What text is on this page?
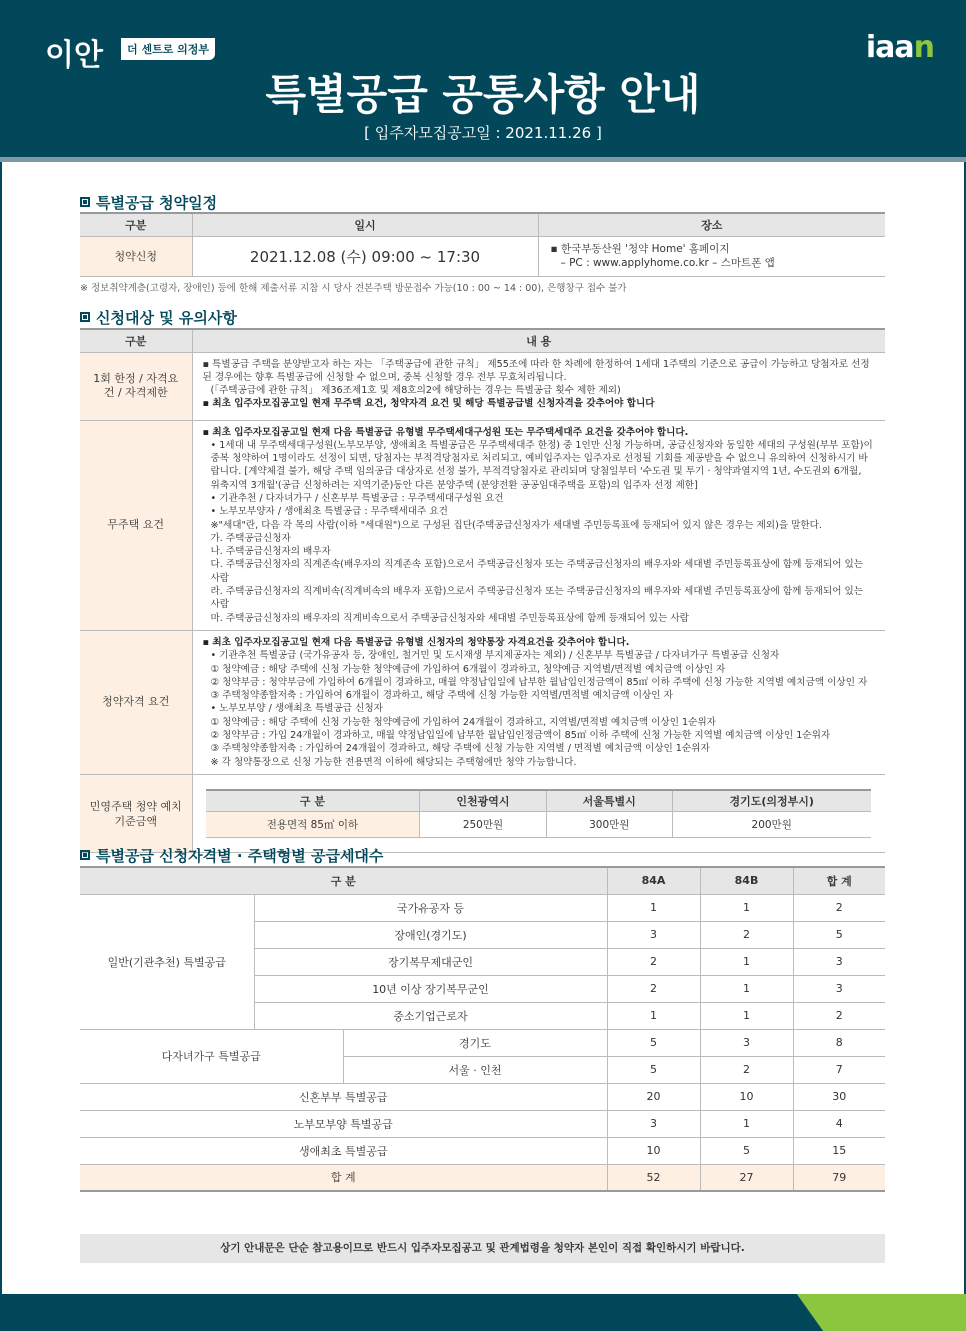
이안	더 센트로 의정부	iaan
특별공급 공통사항 안내
[ 입주자모집공고일 : 2021.11.26 ]
특별공급 청약일정
구분	일시	장소
청약신청	2021.12.08 (수) 09:00 ~ 17:30	▪ 한국부동산원 '청약 Home' 홈페이지
– PC : www.applyhome.co.kr – 스마트폰 앱
※ 정보취약계층(고령자, 장애인) 등에 한해 제출서류 지참 시 당사 견본주택 방문접수 가능(10 : 00 ~ 14 : 00), 은행창구 접수 불가
신청대상 및 유의사항
구분	내 용
1회 한정 / 자격요건 / 자격제한	
▪ 특별공급 주택을 분양받고자 하는 자는 「주택공급에 관한 규칙」 제55조에 따라 한 차례에 한정하여 1세대 1주택의 기준으로 공급이 가능하고 당첨자로 선정된 경우에는 향후 특별공급에 신청할 수 없으며, 중복 신청할 경우 전부 무효처리됩니다.
(「주택공급에 관한 규칙」 제36조제1호 및 제8호의2에 해당하는 경우는 특별공급 횟수 제한 제외)
▪ 최초 입주자모집공고일 현재 무주택 요건, 청약자격 요건 및 해당 특별공급별 신청자격을 갖추어야 합니다

무주택 요건	
▪ 최초 입주자모집공고일 현재 다음 특별공급 유형별 무주택세대구성원 또는 무주택세대주 요건을 갖추어야 합니다.
• 1세대 내 무주택세대구성원(노부모부양, 생애최초 특별공급은 무주택세대주 한정) 중 1인만 신청 가능하며, 공급신청자와 동일한 세대의 구성원(부부 포함)이 중복 청약하여 1명이라도 선정이 되면, 당첨자는 부적격당첨자로 처리되고, 예비입주자는 입주자로 선정될 기회를 제공받을 수 없으니 유의하여 신청하시기 바랍니다. [계약체결 불가, 해당 주택 임의공급 대상자로 선정 불가, 부적격당첨자로 관리되며 당첨일부터 '수도권 및 투기 · 청약과열지역 1년, 수도권외 6개월, 위축지역 3개월'(공급 신청하려는 지역기준)동안 다른 분양주택 (분양전환 공공임대주택을 포함)의 입주자 선정 제한]
• 기관추천 / 다자녀가구 / 신혼부부 특별공급 : 무주택세대구성원 요건
• 노부모부양자 / 생애최초 특별공급 : 무주택세대주 요건
※"세대"란, 다음 각 목의 사람(이하 "세대원")으로 구성된 집단(주택공급신청자가 세대별 주민등록표에 등재되어 있지 않은 경우는 제외)을 말한다.
가. 주택공급신청자
나. 주택공급신청자의 배우자
다. 주택공급신청자의 직계존속(배우자의 직계존속 포함)으로서 주택공급신청자 또는 주택공급신청자의 배우자와 세대별 주민등록표상에 함께 등재되어 있는 사람
라. 주택공급신청자의 직계비속(직계비속의 배우자 포함)으로서 주택공급신청자 또는 주택공급신청자의 배우자와 세대별 주민등록표상에 함께 등재되어 있는 사람
마. 주택공급신청자의 배우자의 직계비속으로서 주택공급신청자와 세대별 주민등록표상에 함께 등재되어 있는 사람

청약자격 요건	
▪ 최초 입주자모집공고일 현재 다음 특별공급 유형별 신청자의 청약통장 자격요건을 갖추어야 합니다.
• 기관추천 특별공급 (국가유공자 등, 장애인, 철거민 및 도시재생 부지제공자는 제외) / 신혼부부 특별공급 / 다자녀가구 특별공급 신청자
① 청약예금 : 해당 주택에 신청 가능한 청약예금에 가입하여 6개월이 경과하고, 청약예금 지역별/면적별 예치금액 이상인 자
② 청약부금 : 청약부금에 가입하여 6개월이 경과하고, 매월 약정납입일에 납부한 월납입인정금액이 85㎡ 이하 주택에 신청 가능한 지역별 예치금액 이상인 자
③ 주택청약종합저축 : 가입하여 6개월이 경과하고, 해당 주택에 신청 가능한 지역별/면적별 예치금액 이상인 자
• 노부모부양 / 생애최초 특별공급 신청자
① 청약예금 : 해당 주택에 신청 가능한 청약예금에 가입하여 24개월이 경과하고, 지역별/면적별 예치금액 이상인 1순위자
② 청약부금 : 가입 24개월이 경과하고, 매월 약정납입일에 납부한 월납입인정금액이 85㎡ 이하 주택에 신청 가능한 지역별 예치금액 이상인 1순위자
③ 주택청약종합저축 : 가입하여 24개월이 경과하고, 해당 주택에 신청 가능한 지역별 / 면적별 예치금액 이상인 1순위자
※ 각 청약통장으로 신청 가능한 전용면적 이하에 해당되는 주택형에만 청약 가능합니다.

민영주택 청약 예치기준금액	
구 분	인천광역시	서울특별시	경기도(의정부시)
전용면적 85㎡ 이하	250만원	300만원	200만원
특별공급 신청자격별 · 주택형별 공급세대수
구 분			84A	84B	합 계
일반(기관추천) 특별공급	국가유공자 등		1	1	2
	장애인(경기도)		3	2	5
	장기복무제대군인		2	1	3
	10년 이상 장기복무군인		2	1	3
	중소기업근로자		1	1	2
다자녀가구 특별공급		경기도	5	3	8
		서울 · 인천	5	2	7
신혼부부 특별공급			20	10	30
노부모부양 특별공급			3	1	4
생애최초 특별공급			10	5	15
합 계			52	27	79
상기 안내문은 단순 참고용이므로 반드시 입주자모집공고 및 관계법령을 청약자 본인이 직접 확인하시기 바랍니다.
